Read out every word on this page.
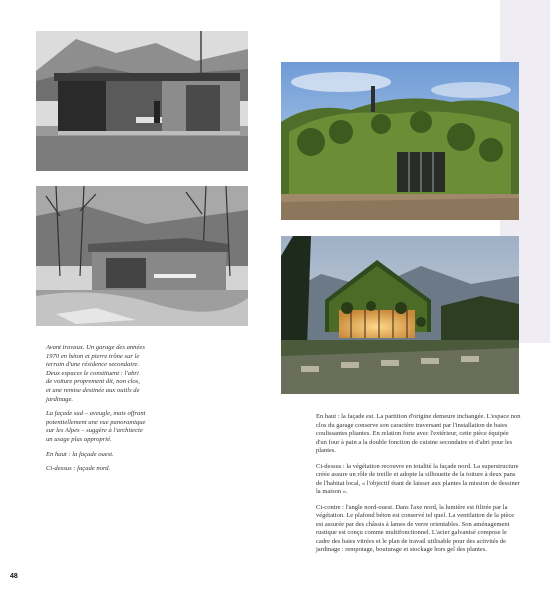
Avant travaux. Un garage des années 1970 en béton et pierre trône sur le terrain d'une résidence secondaire. Deux espaces le constituent : l'abri de voiture proprement dit, non clos, et une remise destinée aux outils de jardinage.

La façade sud – aveugle, mais offrant potentiellement une vue panoramique sur les Alpes – suggère à l'architecte un usage plus approprié.

En haut : la façade ouest.

Ci-dessus : façade nord.

En haut : la façade est. La partition d'origine demeure inchangée. L'espace non clos du garage conserve son caractère traversant par l'installation de baies coulissantes pliantes. En relation forte avec l'extérieur, cette pièce équipée d'un four à pain a la double fonction de cuisine secondaire et d'abri pour les plantes.

Ci-dessus : la végétation recouvre en totalité la façade nord. La superstructure créée assure un rôle de treille et adopte la silhouette de la toiture à deux pans de l'habitat local, « l'objectif étant de laisser aux plantes la mission de dessiner la maison ».

Ci-contre : l'angle nord-ouest. Dans l'axe nord, la lumière est filtrée par la végétation. Le plafond béton est conservé tel quel. La ventilation de la pièce est assurée par des châssis à lames de verre orientables. Son aménagement rustique est conçu comme multifonctionnel. L'acier galvanisé compose le cadre des baies vitrées et le plan de travail utilisable pour des activités de jardinage : rempotage, bouturage et stockage hors gel des plantes.

48
